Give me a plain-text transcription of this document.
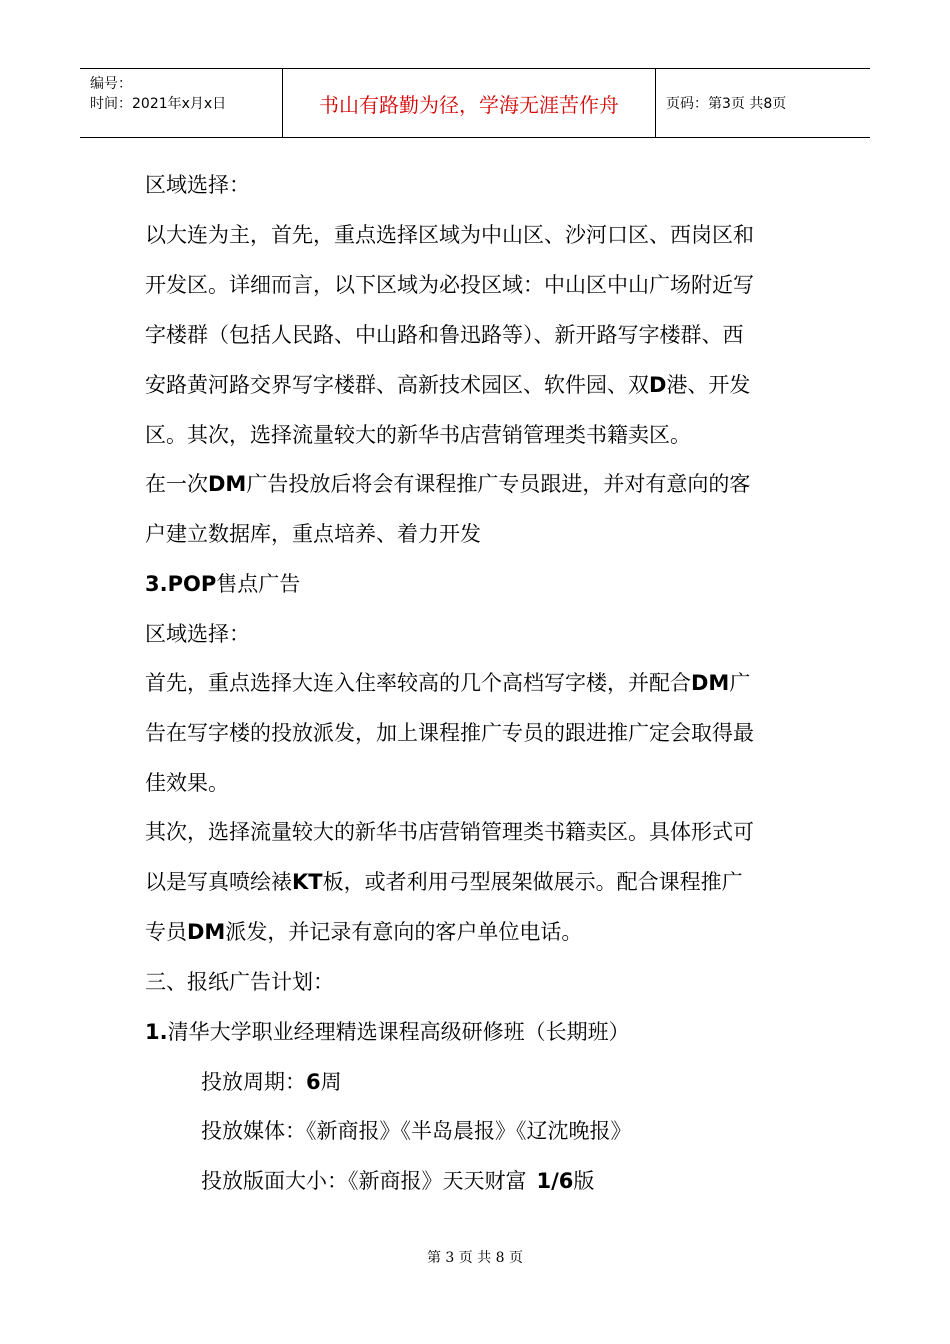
编号：
时间：2021年x月x日	书山有路勤为径，学海无涯苦作舟	页码：第3页 共8页
区域选择：
以大连为主，首先，重点选择区域为中山区、沙河口区、西岗区和
开发区。详细而言，以下区域为必投区域：中山区中山广场附近写
字楼群（包括人民路、中山路和鲁迅路等）、新开路写字楼群、西
安路黄河路交界写字楼群、高新技术园区、软件园、双D港、开发
区。其次，选择流量较大的新华书店营销管理类书籍卖区。
在一次DM广告投放后将会有课程推广专员跟进，并对有意向的客
户建立数据库，重点培养、着力开发
3.POP售点广告
区域选择：
首先，重点选择大连入住率较高的几个高档写字楼，并配合DM广
告在写字楼的投放派发，加上课程推广专员的跟进推广定会取得最
佳效果。
其次，选择流量较大的新华书店营销管理类书籍卖区。具体形式可
以是写真喷绘裱KT板，或者利用弓型展架做展示。配合课程推广
专员DM派发，并记录有意向的客户单位电话。
三、报纸广告计划：
1.清华大学职业经理精选课程高级研修班（长期班）
投放周期：6周
投放媒体：《新商报》《半岛晨报》《辽沈晚报》
投放版面大小：《新商报》天天财富 1/6版
第 3 页 共 8 页
